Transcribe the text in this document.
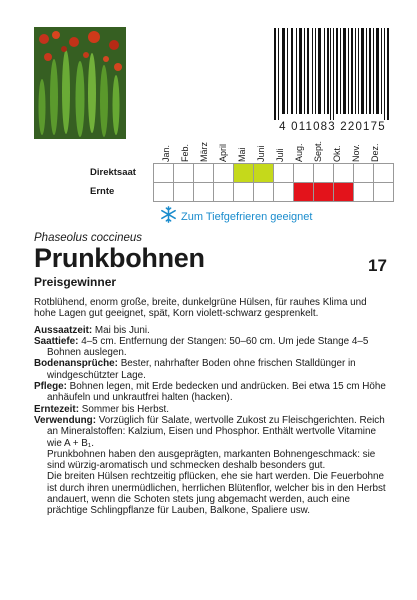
4 011083 220175
Jan. Feb. März April Mai Juni Juli Aug. Sept. Okt. Nov. Dez.
Direktsaat
Ernte
Zum Tiefgefrieren geeignet
Phaseolus coccineus
Prunkbohnen	17
Preisgewinner

Rotblühend, enorm große, breite, dunkelgrüne Hülsen, für rauhes Klima und hohe Lagen gut geeignet, spät, Korn violett-schwarz gesprenkelt.

Aussaatzeit: Mai bis Juni.

Saattiefe: 4–5 cm. Entfernung der Stangen: 50–60 cm. Um jede Stange 4–5 Bohnen auslegen.

Bodenansprüche: Bester, nahrhafter Boden ohne frischen Stalldünger in windgeschützter Lage.

Pflege: Bohnen legen, mit Erde bedecken und andrücken. Bei etwa 15 cm Höhe anhäufeln und unkrautfrei halten (hacken).

Erntezeit: Sommer bis Herbst.

Verwendung: Vorzüglich für Salate, wertvolle Zukost zu Fleischgerichten. Reich an Mineralstoffen: Kalzium, Eisen und Phosphor. Enthält wertvolle Vitamine wie A + B₁.

Prunkbohnen haben den ausgeprägten, markanten Bohnengeschmack: sie sind würzig-aromatisch und schmecken deshalb besonders gut.

Die breiten Hülsen rechtzeitig pflücken, ehe sie hart werden. Die Feuerbohne ist durch ihren unermüdlichen, herrlichen Blütenflor, welcher bis in den Herbst andauert, wenn die Schoten stets jung abgemacht werden, auch eine prächtige Schlingpflanze für Lauben, Balkone, Spaliere usw.
